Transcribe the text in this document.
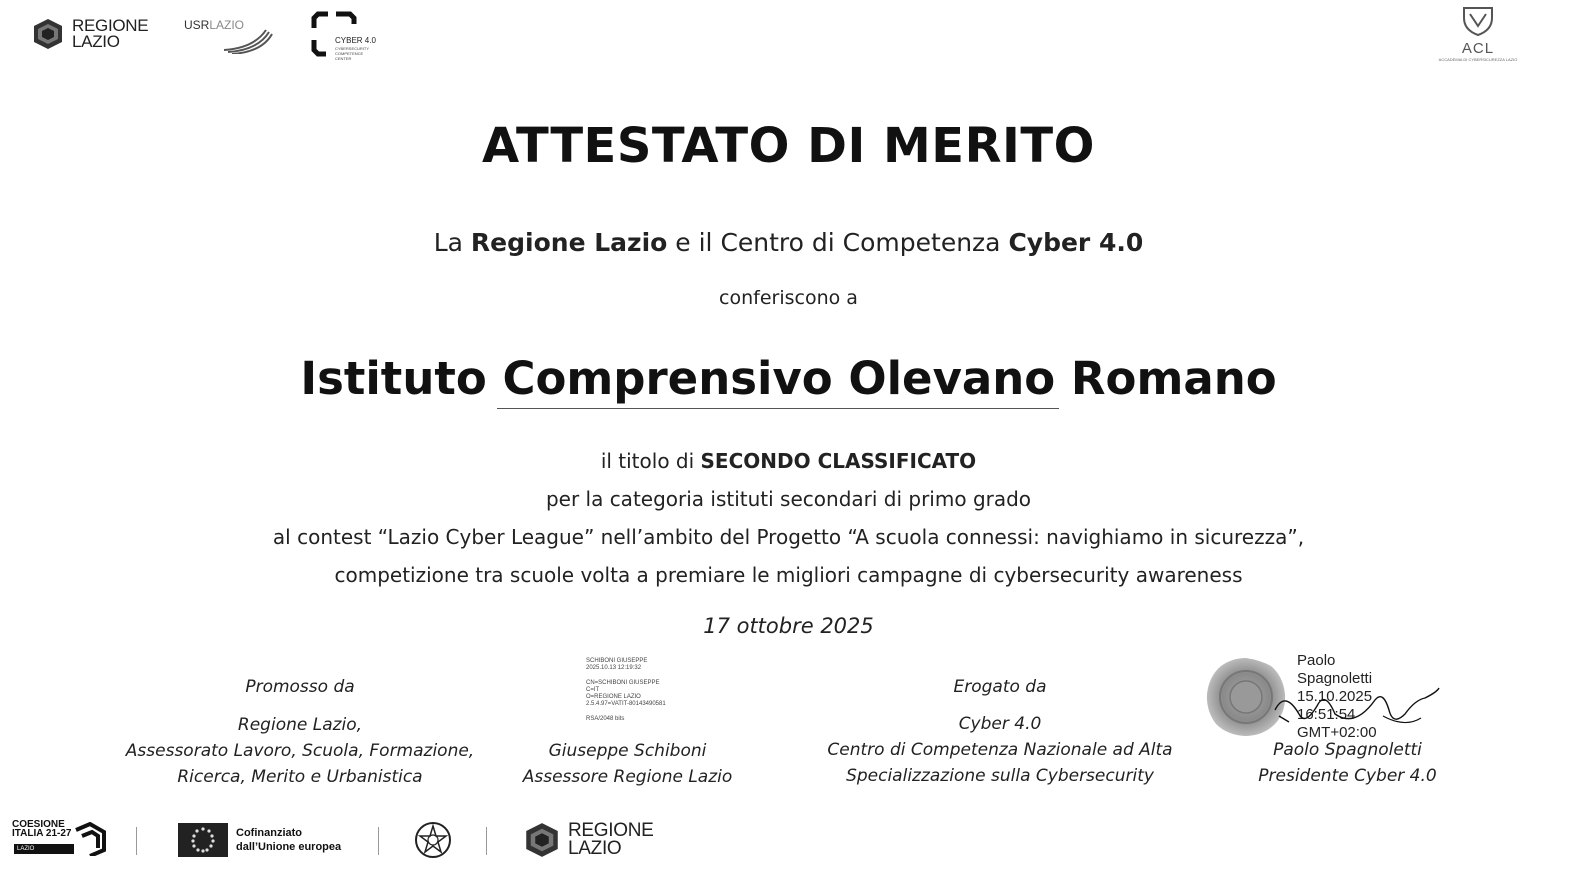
REGIONE
LAZIO
USRLAZIO
CYBER 4.0
CYBERSECURITY COMPETENCE CENTER
ACL
ACCADEMIA DI CYBERSICUREZZA LAZIO
ATTESTATO DI MERITO
La Regione Lazio e il Centro di Competenza Cyber 4.0
conferiscono a
Istituto Comprensivo Olevano Romano
il titolo di SECONDO CLASSIFICATO
per la categoria istituti secondari di primo grado
al contest “Lazio Cyber League” nell’ambito del Progetto “A scuola connessi: navighiamo in sicurezza”,
competizione tra scuole volta a premiare le migliori campagne di cybersecurity awareness
17 ottobre 2025
Promosso da
Regione Lazio,
Assessorato Lavoro, Scuola, Formazione,
Ricerca, Merito e Urbanistica
SCHIBONI GIUSEPPE
2025.10.13 12:19:32
CN=SCHIBONI GIUSEPPE
C=IT
O=REGIONE LAZIO
2.5.4.97=VATIT-80143490581
RSA/2048 bits
Giuseppe Schiboni
Assessore Regione Lazio
Erogato da
Cyber 4.0
Centro di Competenza Nazionale ad Alta
Specializzazione sulla Cybersecurity
Paolo
Spagnoletti
15.10.2025
16:51:54
GMT+02:00
Paolo Spagnoletti
Presidente Cyber 4.0
COESIONE
ITALIA 21-27
LAZIO
Cofinanziato
dall’Unione europea
REGIONE
LAZIO
